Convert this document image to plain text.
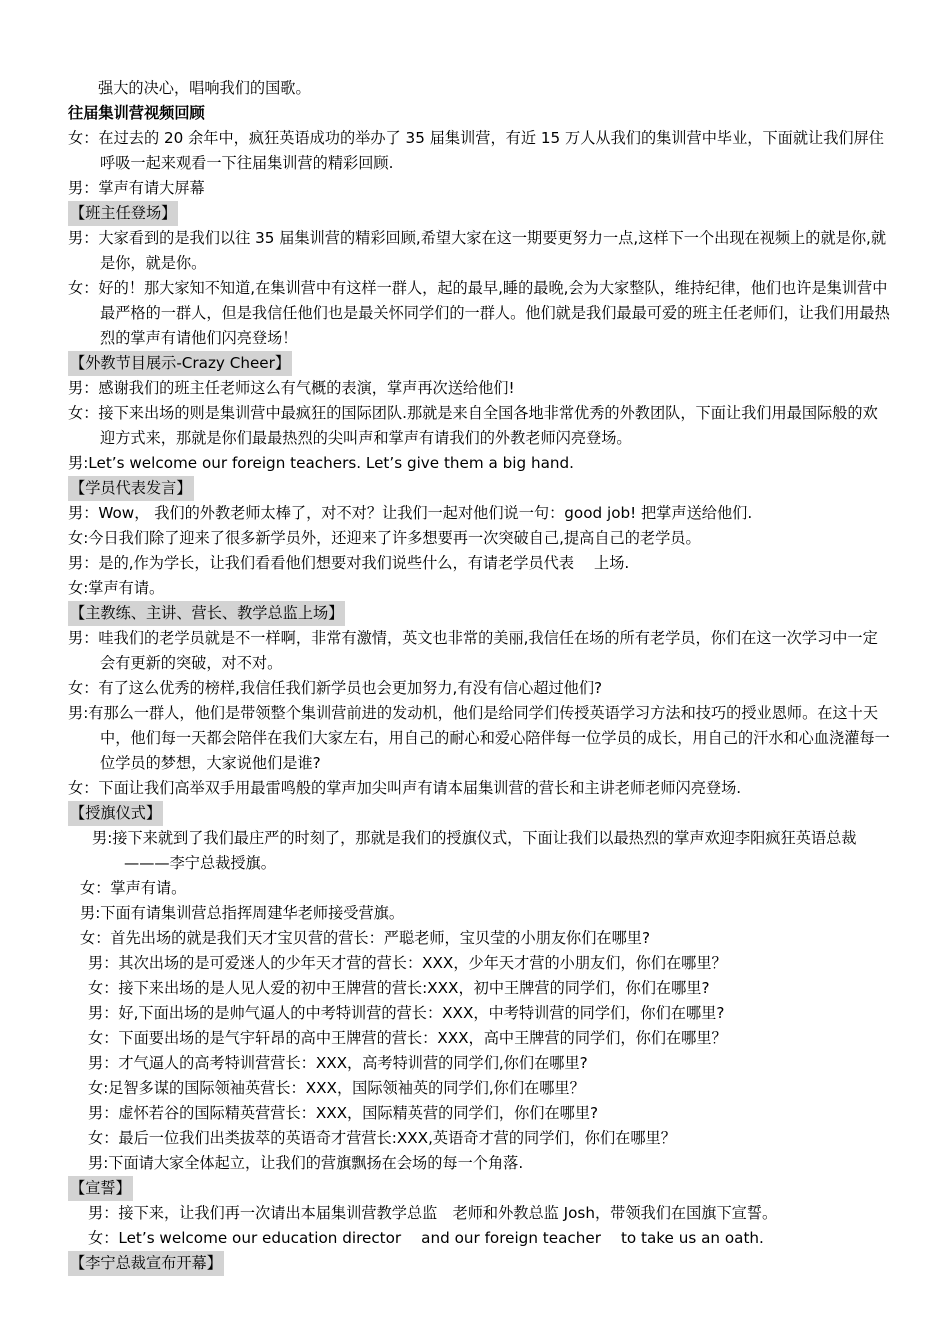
强大的决心，唱响我们的国歌。
往届集训营视频回顾
女：在过去的 20 余年中，疯狂英语成功的举办了 35 届集训营，有近 15 万人从我们的集训营中毕业，下面就让我们屏住呼吸一起来观看一下往届集训营的精彩回顾.
男：掌声有请大屏幕
【班主任登场】
男：大家看到的是我们以往 35 届集训营的精彩回顾,希望大家在这一期要更努力一点,这样下一个出现在视频上的就是你,就是你，就是你。
女：好的！那大家知不知道,在集训营中有这样一群人，起的最早,睡的最晚,会为大家整队，维持纪律，他们也许是集训营中最严格的一群人，但是我信任他们也是最关怀同学们的一群人。他们就是我们最最可爱的班主任老师们，让我们用最热烈的掌声有请他们闪亮登场！
【外教节目展示-Crazy Cheer】
男：感谢我们的班主任老师这么有气概的表演，掌声再次送给他们!
女：接下来出场的则是集训营中最疯狂的国际团队.那就是来自全国各地非常优秀的外教团队，下面让我们用最国际般的欢迎方式来，那就是你们最最热烈的尖叫声和掌声有请我们的外教老师闪亮登场。
男:Let’s welcome our foreign teachers. Let’s give them a big hand.
【学员代表发言】
男：Wow， 我们的外教老师太棒了，对不对？让我们一起对他们说一句：good job! 把掌声送给他们.
女:今日我们除了迎来了很多新学员外，还迎来了许多想要再一次突破自己,提高自己的老学员。
男：是的,作为学长，让我们看看他们想要对我们说些什么，有请老学员代表　 上场.
女:掌声有请。
【主教练、主讲、营长、教学总监上场】
男：哇我们的老学员就是不一样啊，非常有激情，英文也非常的美丽,我信任在场的所有老学员，你们在这一次学习中一定会有更新的突破，对不对。
女：有了这么优秀的榜样,我信任我们新学员也会更加努力,有没有信心超过他们?
男:有那么一群人，他们是带领整个集训营前进的发动机，他们是给同学们传授英语学习方法和技巧的授业恩师。在这十天中，他们每一天都会陪伴在我们大家左右，用自己的耐心和爱心陪伴每一位学员的成长，用自己的汗水和心血浇灌每一位学员的梦想，大家说他们是谁?
女：下面让我们高举双手用最雷鸣般的掌声加尖叫声有请本届集训营的营长和主讲老师老师闪亮登场.
【授旗仪式】
男:接下来就到了我们最庄严的时刻了，那就是我们的授旗仪式，下面让我们以最热烈的掌声欢迎李阳疯狂英语总裁———李宁总裁授旗。
女：掌声有请。
男:下面有请集训营总指挥周建华老师接受营旗。
女：首先出场的就是我们天才宝贝营的营长：严聪老师，宝贝莹的小朋友你们在哪里?
男：其次出场的是可爱迷人的少年天才营的营长：XXX，少年天才营的小朋友们，你们在哪里？
女：接下来出场的是人见人爱的初中王牌营的营长:XXX，初中王牌营的同学们，你们在哪里?
男：好,下面出场的是帅气逼人的中考特训营的营长：XXX，中考特训营的同学们，你们在哪里?
女：下面要出场的是气宇轩昂的高中王牌营的营长：XXX，高中王牌营的同学们，你们在哪里？
男：才气逼人的高考特训营营长：XXX，高考特训营的同学们,你们在哪里?
女:足智多谋的国际领袖英营长：XXX，国际领袖英的同学们,你们在哪里？
男：虚怀若谷的国际精英营营长：XXX，国际精英营的同学们，你们在哪里?
女：最后一位我们出类拔萃的英语奇才营营长:XXX,英语奇才营的同学们，你们在哪里？
男:下面请大家全体起立，让我们的营旗飘扬在会场的每一个角落.
【宣誓】
男：接下来，让我们再一次请出本届集训营教学总监　老师和外教总监 Josh，带领我们在国旗下宣誓。
女：Let’s welcome our education director　 and our foreign teacher　 to take us an oath.
【李宁总裁宣布开幕】
